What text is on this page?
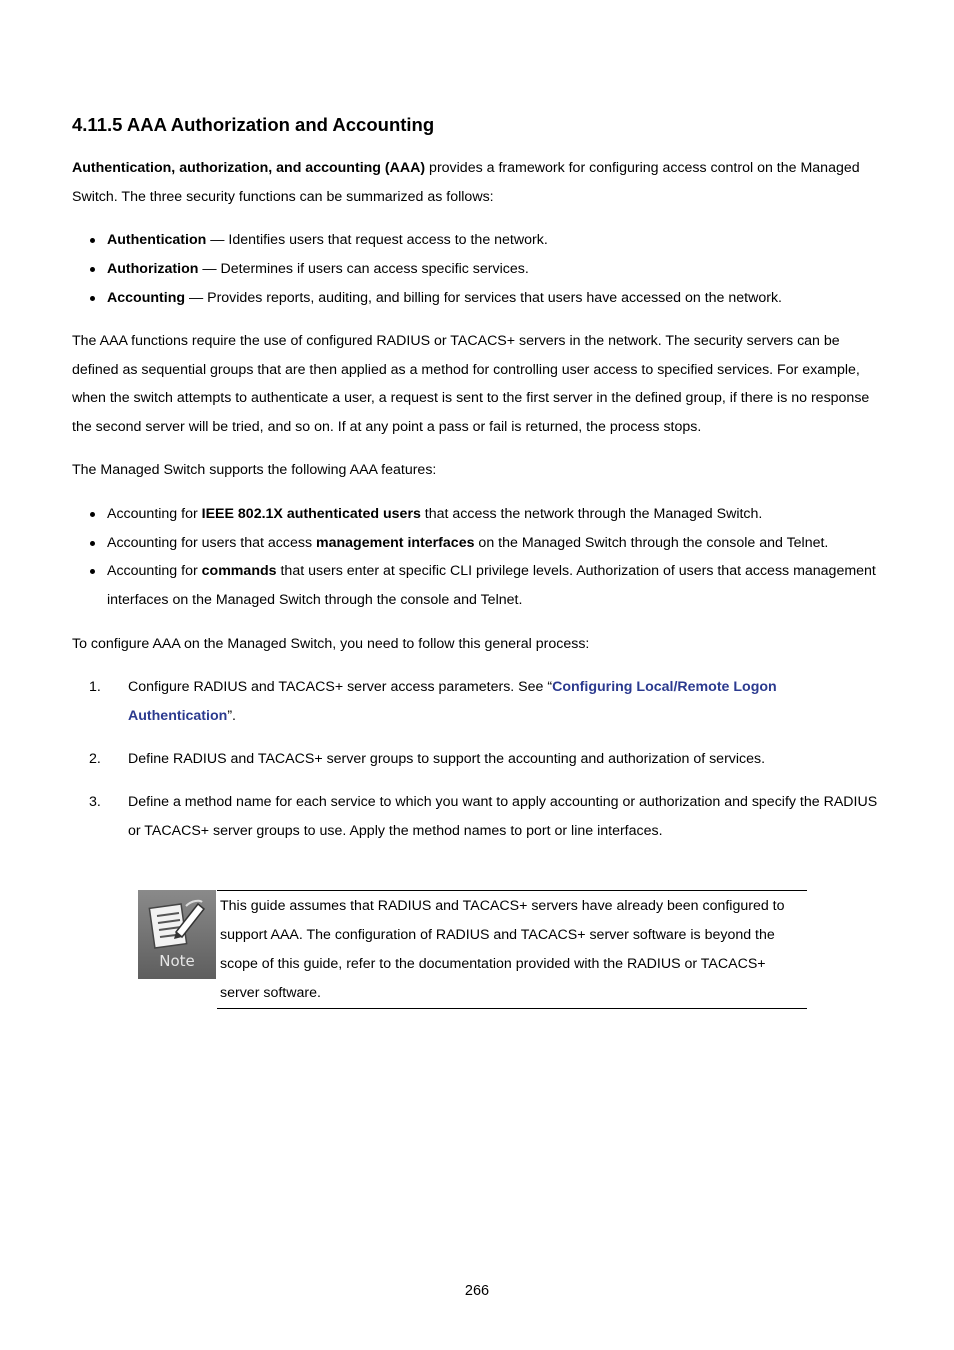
4.11.5 AAA Authorization and Accounting

Authentication, authorization, and accounting (AAA) provides a framework for configuring access control on the Managed Switch. The three security functions can be summarized as follows:

Authentication — Identifies users that request access to the network.
Authorization — Determines if users can access specific services.
Accounting — Provides reports, auditing, and billing for services that users have accessed on the network.

The AAA functions require the use of configured RADIUS or TACACS+ servers in the network. The security servers can be defined as sequential groups that are then applied as a method for controlling user access to specified services. For example, when the switch attempts to authenticate a user, a request is sent to the first server in the defined group, if there is no response the second server will be tried, and so on. If at any point a pass or fail is returned, the process stops.

The Managed Switch supports the following AAA features:

Accounting for IEEE 802.1X authenticated users that access the network through the Managed Switch.
Accounting for users that access management interfaces on the Managed Switch through the console and Telnet.
Accounting for commands that users enter at specific CLI privilege levels. Authorization of users that access management interfaces on the Managed Switch through the console and Telnet.

To configure AAA on the Managed Switch, you need to follow this general process:

1. Configure RADIUS and TACACS+ server access parameters. See “Configuring Local/Remote Logon Authentication”.
2. Define RADIUS and TACACS+ server groups to support the accounting and authorization of services.
3. Define a method name for each service to which you want to apply accounting or authorization and specify the RADIUS or TACACS+ server groups to use. Apply the method names to port or line interfaces.
Note

This guide assumes that RADIUS and TACACS+ servers have already been configured to support AAA. The configuration of RADIUS and TACACS+ server software is beyond the scope of this guide, refer to the documentation provided with the RADIUS or TACACS+ server software.

266
